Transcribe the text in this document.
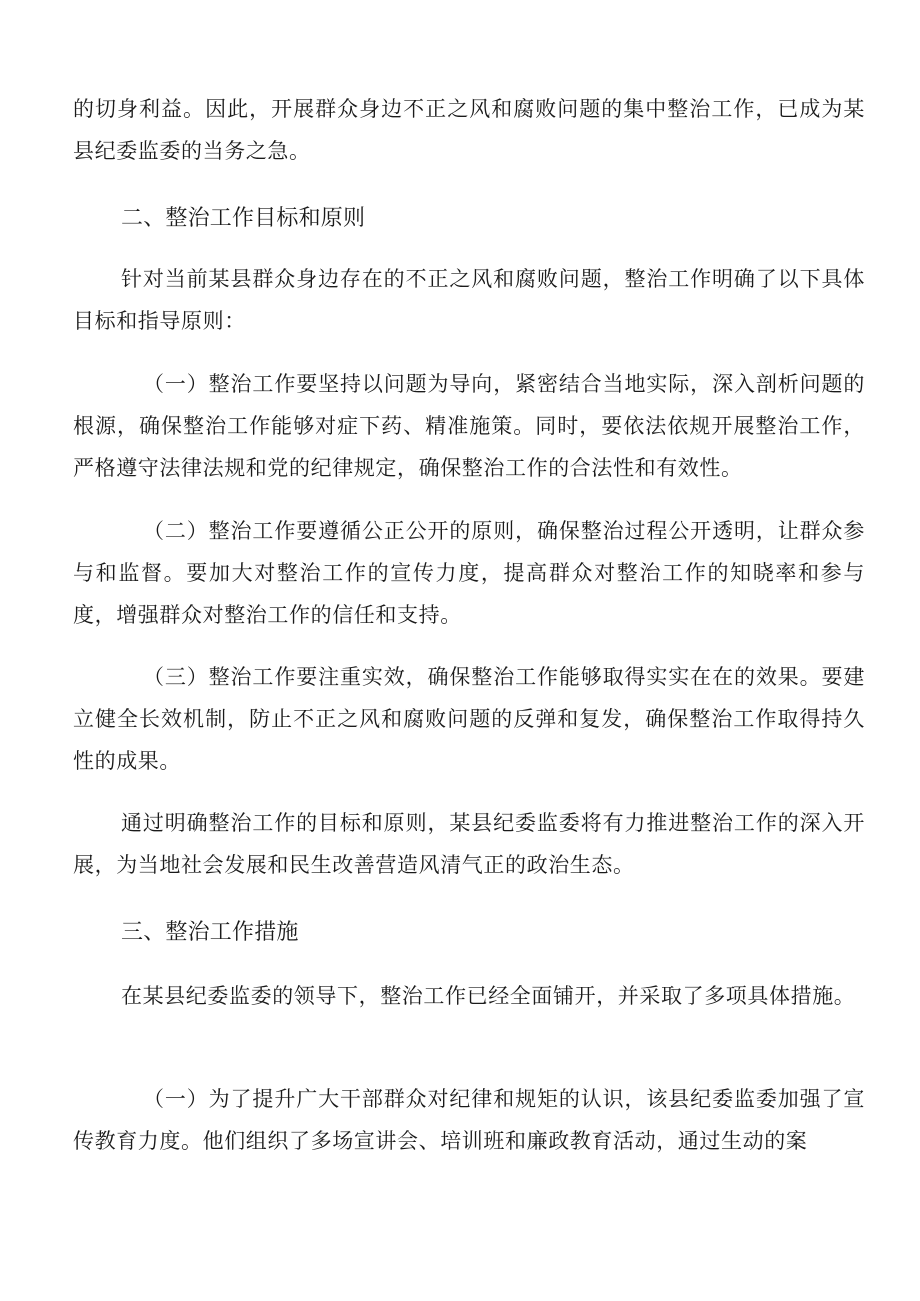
的切身利益。因此，开展群众身边不正之风和腐败问题的集中整治工作，已成为某县纪委监委的当务之急。

二、整治工作目标和原则

针对当前某县群众身边存在的不正之风和腐败问题，整治工作明确了以下具体目标和指导原则：

（一）整治工作要坚持以问题为导向，紧密结合当地实际，深入剖析问题的根源，确保整治工作能够对症下药、精准施策。同时，要依法依规开展整治工作，严格遵守法律法规和党的纪律规定，确保整治工作的合法性和有效性。

（二）整治工作要遵循公正公开的原则，确保整治过程公开透明，让群众参与和监督。要加大对整治工作的宣传力度，提高群众对整治工作的知晓率和参与度，增强群众对整治工作的信任和支持。

（三）整治工作要注重实效，确保整治工作能够取得实实在在的效果。要建立健全长效机制，防止不正之风和腐败问题的反弹和复发，确保整治工作取得持久性的成果。

通过明确整治工作的目标和原则，某县纪委监委将有力推进整治工作的深入开展，为当地社会发展和民生改善营造风清气正的政治生态。

三、整治工作措施

在某县纪委监委的领导下，整治工作已经全面铺开，并采取了多项具体措施。

（一）为了提升广大干部群众对纪律和规矩的认识，该县纪委监委加强了宣传教育力度。他们组织了多场宣讲会、培训班和廉政教育活动，通过生动的案
